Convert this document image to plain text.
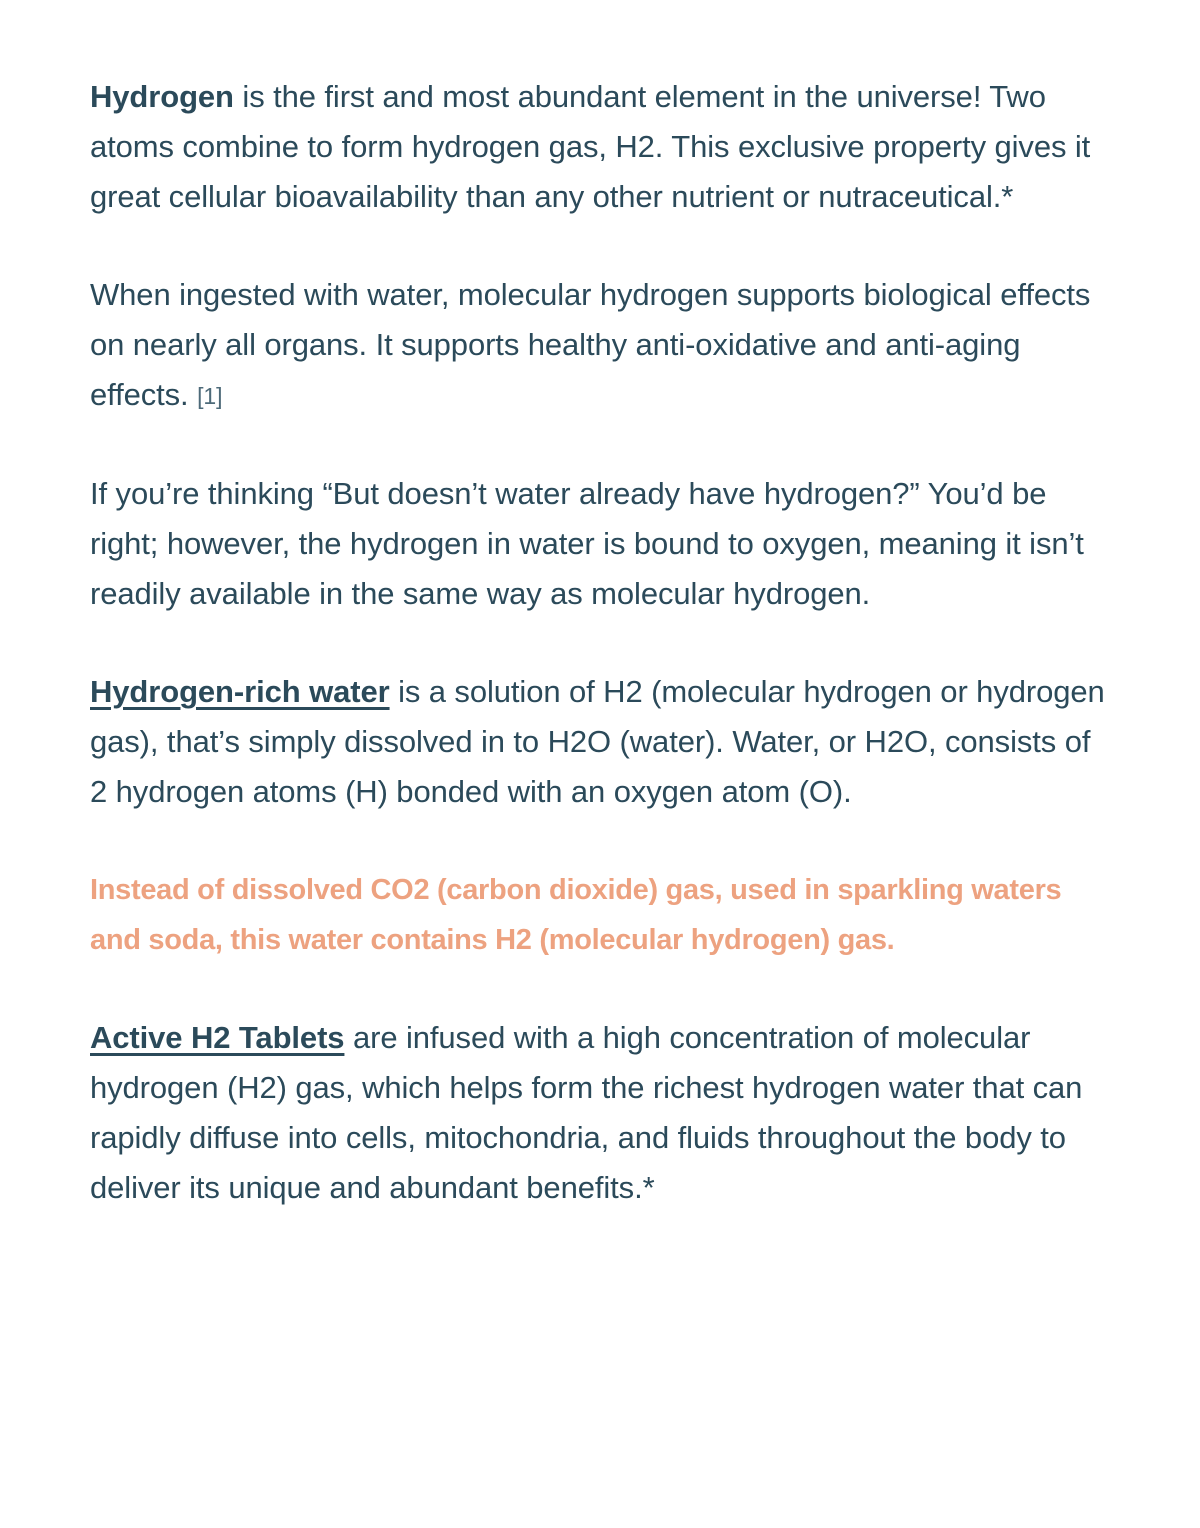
Hydrogen is the first and most abundant element in the universe! Two atoms combine to form hydrogen gas, H2. This exclusive property gives it great cellular bioavailability than any other nutrient or nutraceutical.*

When ingested with water, molecular hydrogen supports biological effects on nearly all organs. It supports healthy anti-oxidative and anti-aging effects. [1]

If you’re thinking “But doesn’t water already have hydrogen?” You’d be right; however, the hydrogen in water is bound to oxygen, meaning it isn’t readily available in the same way as molecular hydrogen.

Hydrogen-rich water is a solution of H2 (molecular hydrogen or hydrogen gas), that’s simply dissolved in to H2O (water). Water, or H2O, consists of 2 hydrogen atoms (H) bonded with an oxygen atom (O).

Instead of dissolved CO2 (carbon dioxide) gas, used in sparkling waters and soda, this water contains H2 (molecular hydrogen) gas.

Active H2 Tablets are infused with a high concentration of molecular hydrogen (H2) gas, which helps form the richest hydrogen water that can rapidly diffuse into cells, mitochondria, and fluids throughout the body to deliver its unique and abundant benefits.*
